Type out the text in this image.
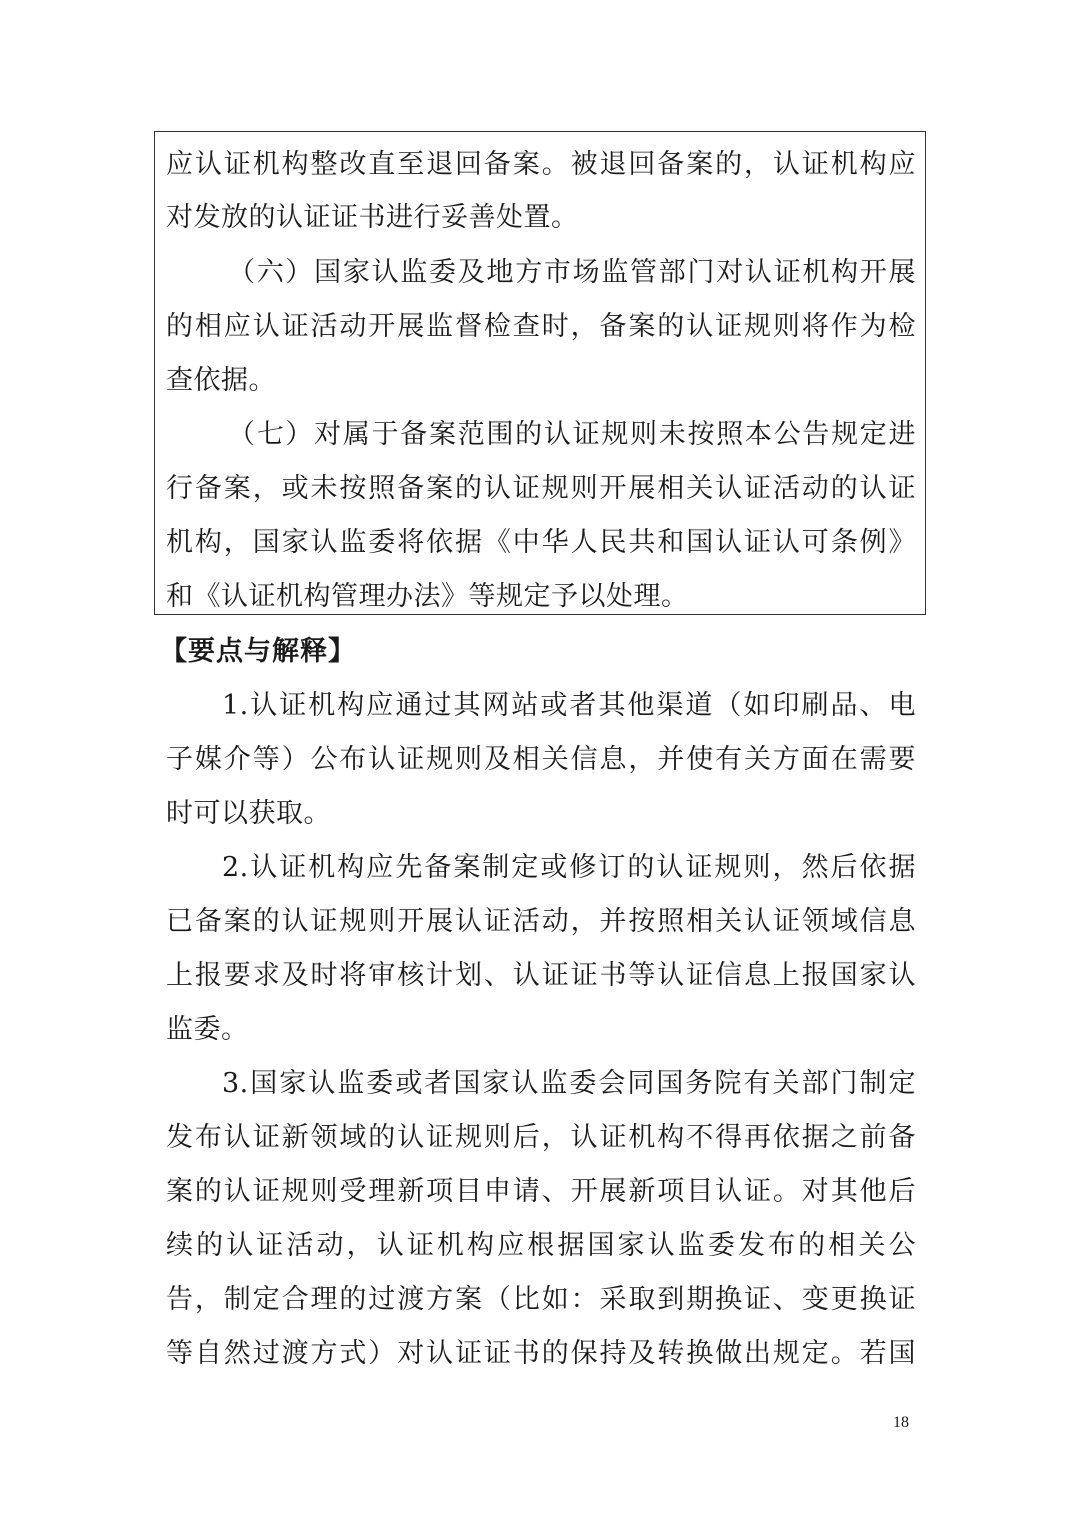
应认证机构整改直至退回备案。被退回备案的，认证机构应
对发放的认证证书进行妥善处置。
（六）国家认监委及地方市场监管部门对认证机构开展
的相应认证活动开展监督检查时，备案的认证规则将作为检
查依据。
（七）对属于备案范围的认证规则未按照本公告规定进
行备案，或未按照备案的认证规则开展相关认证活动的认证
机构，国家认监委将依据《中华人民共和国认证认可条例》
和《认证机构管理办法》等规定予以处理。
【要点与解释】
1.认证机构应通过其网站或者其他渠道（如印刷品、电
子媒介等）公布认证规则及相关信息，并使有关方面在需要
时可以获取。
2.认证机构应先备案制定或修订的认证规则，然后依据
已备案的认证规则开展认证活动，并按照相关认证领域信息
上报要求及时将审核计划、认证证书等认证信息上报国家认
监委。
3.国家认监委或者国家认监委会同国务院有关部门制定
发布认证新领域的认证规则后，认证机构不得再依据之前备
案的认证规则受理新项目申请、开展新项目认证。对其他后
续的认证活动，认证机构应根据国家认监委发布的相关公
告，制定合理的过渡方案（比如：采取到期换证、变更换证
等自然过渡方式）对认证证书的保持及转换做出规定。若国
18
